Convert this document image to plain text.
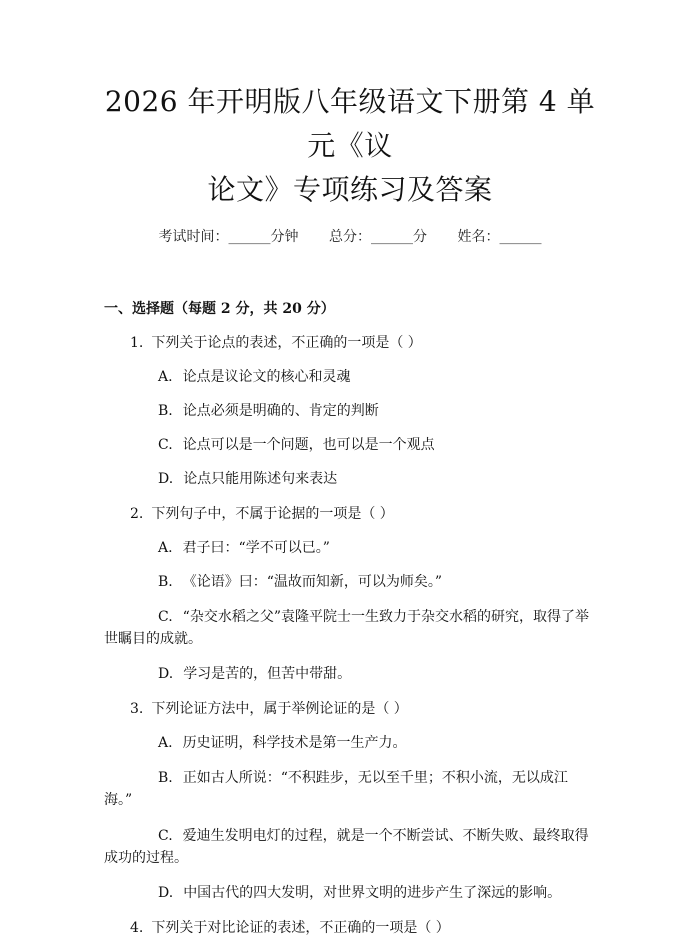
2026 年开明版八年级语文下册第 4 单元《议
论文》专项练习及答案
考试时间：______分钟 总分：______分 姓名：______
一、选择题（每题 2 分，共 20 分）
1. 下列关于论点的表述，不正确的一项是（ ）
A. 论点是议论文的核心和灵魂
B. 论点必须是明确的、肯定的判断
C. 论点可以是一个问题，也可以是一个观点
D. 论点只能用陈述句来表达
2. 下列句子中，不属于论据的一项是（ ）
A. 君子曰：“学不可以已。”
B. 《论语》曰：“温故而知新，可以为师矣。”
C. “杂交水稻之父”袁隆平院士一生致力于杂交水稻的研究，取得了举世瞩目的成就。
D. 学习是苦的，但苦中带甜。
3. 下列论证方法中，属于举例论证的是（ ）
A. 历史证明，科学技术是第一生产力。
B. 正如古人所说：“不积跬步，无以至千里；不积小流，无以成江海。”
C. 爱迪生发明电灯的过程，就是一个不断尝试、不断失败、最终取得成功的过程。
D. 中国古代的四大发明，对世界文明的进步产生了深远的影响。
4. 下列关于对比论证的表述，不正确的一项是（ ）
